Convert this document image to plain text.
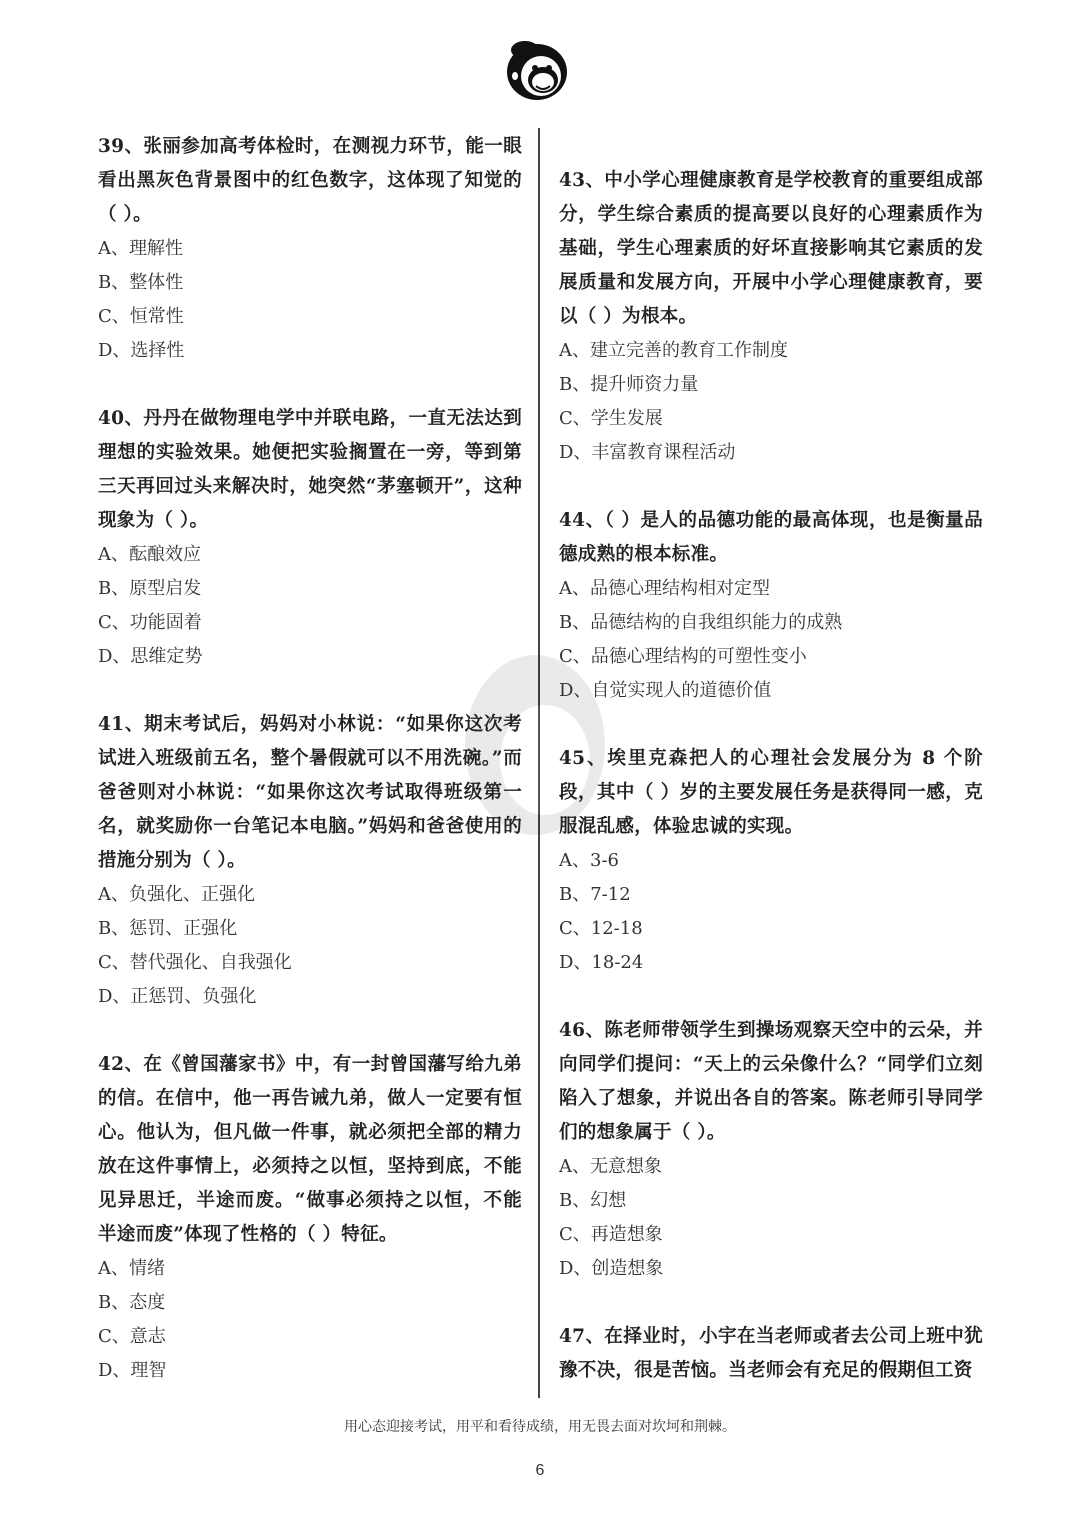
39、张丽参加高考体检时，在测视力环节，能一眼看出黑灰色背景图中的红色数字，这体现了知觉的（ ）。

A、理解性

B、整体性

C、恒常性

D、选择性

40、丹丹在做物理电学中并联电路，一直无法达到理想的实验效果。她便把实验搁置在一旁，等到第三天再回过头来解决时，她突然“茅塞顿开”，这种现象为（ ）。

A、酝酿效应

B、原型启发

C、功能固着

D、思维定势

41、期末考试后，妈妈对小林说：“如果你这次考试进入班级前五名，整个暑假就可以不用洗碗。”而爸爸则对小林说：“如果你这次考试取得班级第一名，就奖励你一台笔记本电脑。”妈妈和爸爸使用的措施分别为（ ）。

A、负强化、正强化

B、惩罚、正强化

C、替代强化、自我强化

D、正惩罚、负强化

42、在《曾国藩家书》中，有一封曾国藩写给九弟的信。在信中，他一再告诫九弟，做人一定要有恒心。他认为，但凡做一件事，就必须把全部的精力放在这件事情上，必须持之以恒，坚持到底，不能见异思迁，半途而废。“做事必须持之以恒，不能半途而废”体现了性格的（ ）特征。

A、情绪

B、态度

C、意志

D、理智

43、中小学心理健康教育是学校教育的重要组成部分，学生综合素质的提高要以良好的心理素质作为基础，学生心理素质的好坏直接影响其它素质的发展质量和发展方向，开展中小学心理健康教育，要以（ ）为根本。

A、建立完善的教育工作制度

B、提升师资力量

C、学生发展

D、丰富教育课程活动

44、（ ）是人的品德功能的最高体现，也是衡量品德成熟的根本标准。

A、品德心理结构相对定型

B、品德结构的自我组织能力的成熟

C、品德心理结构的可塑性变小

D、自觉实现人的道德价值

45、埃里克森把人的心理社会发展分为 8 个阶段，其中（ ）岁的主要发展任务是获得同一感，克服混乱感，体验忠诚的实现。

A、3-6

B、7-12

C、12-18

D、18-24

46、陈老师带领学生到操场观察天空中的云朵，并向同学们提问：“天上的云朵像什么？“同学们立刻陷入了想象，并说出各自的答案。陈老师引导同学们的想象属于（ ）。

A、无意想象

B、幻想

C、再造想象

D、创造想象

47、在择业时，小宇在当老师或者去公司上班中犹豫不决，很是苦恼。当老师会有充足的假期但工资

用心态迎接考试，用平和看待成绩，用无畏去面对坎坷和荆棘。
6
